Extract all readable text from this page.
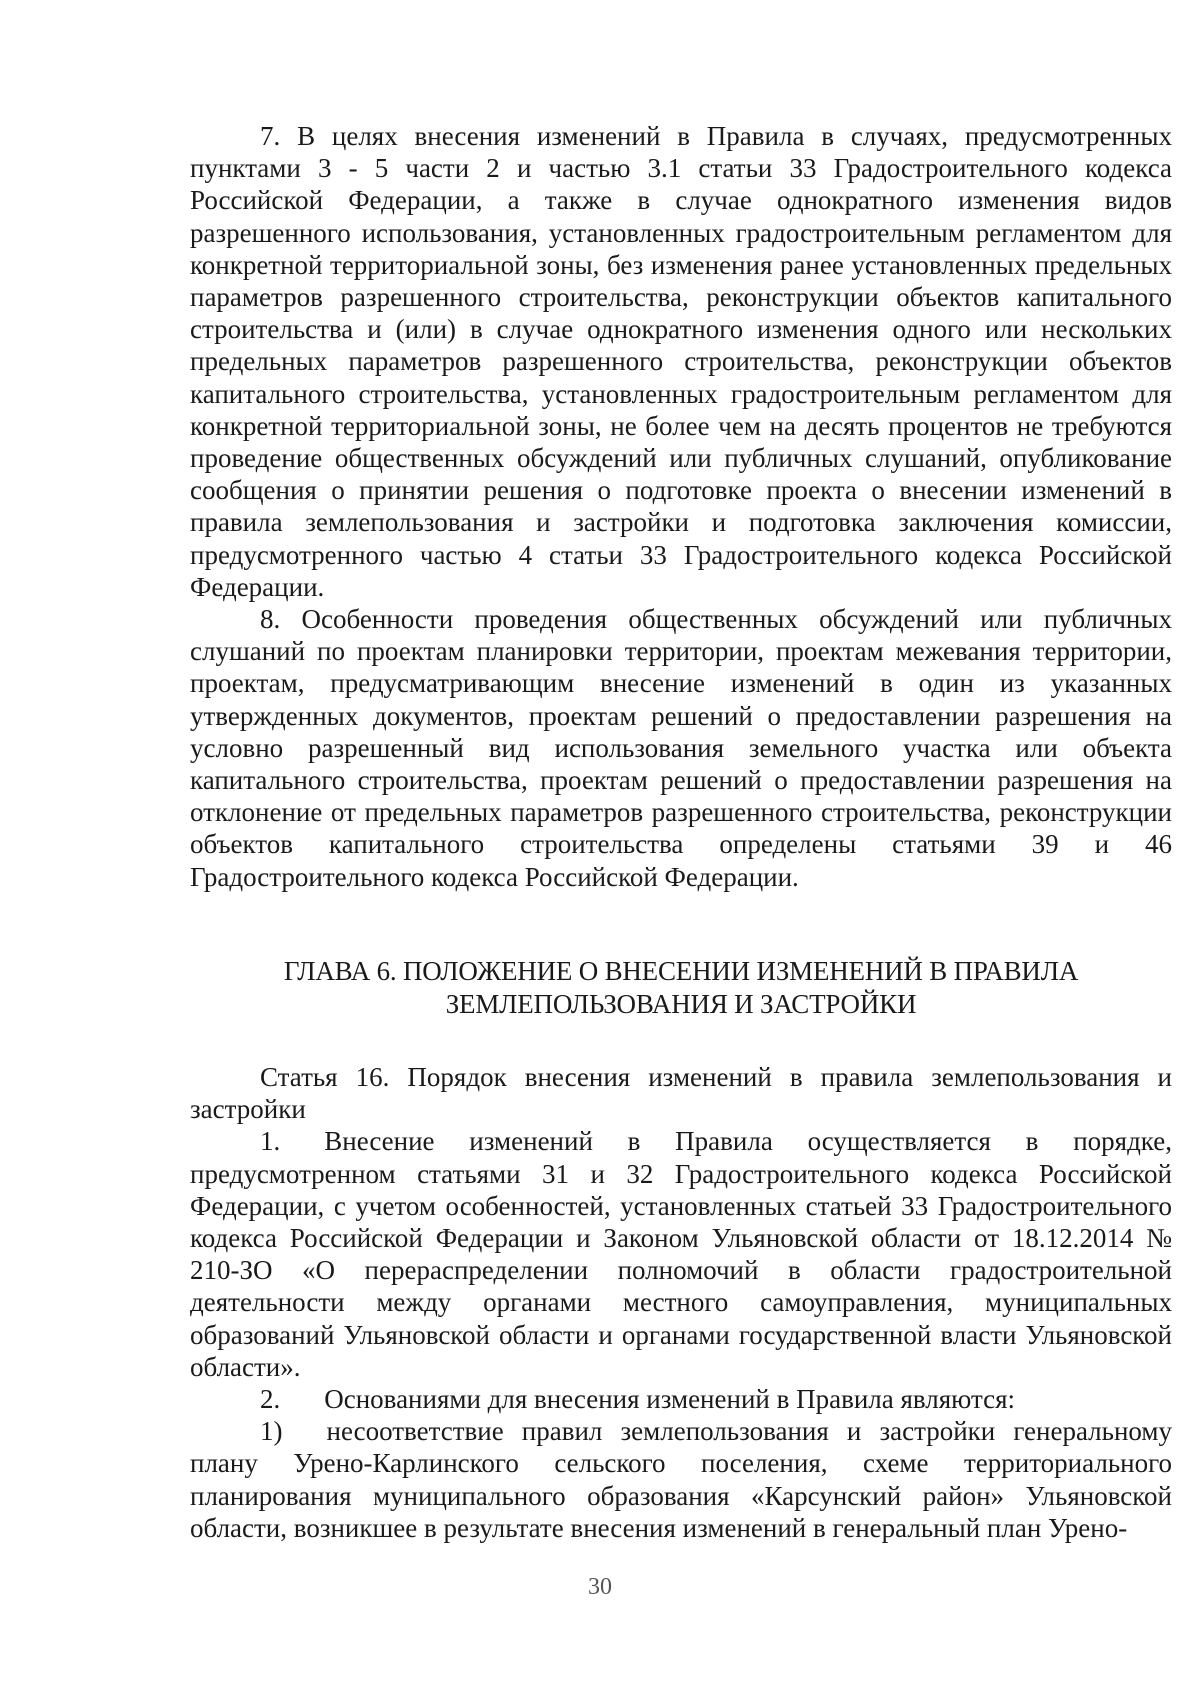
7. В целях внесения изменений в Правила в случаях, предусмотренных пунктами 3 - 5 части 2 и частью 3.1 статьи 33 Градостроительного кодекса Российской Федерации, а также в случае однократного изменения видов разрешенного использования, установленных градостроительным регламентом для конкретной территориальной зоны, без изменения ранее установленных предельных параметров разрешенного строительства, реконструкции объектов капитального строительства и (или) в случае однократного изменения одного или нескольких предельных параметров разрешенного строительства, реконструкции объектов капитального строительства, установленных градостроительным регламентом для конкретной территориальной зоны, не более чем на десять процентов не требуются проведение общественных обсуждений или публичных слушаний, опубликование сообщения о принятии решения о подготовке проекта о внесении изменений в правила землепользования и застройки и подготовка заключения комиссии, предусмотренного частью 4 статьи 33 Градостроительного кодекса Российской Федерации.

8. Особенности проведения общественных обсуждений или публичных слушаний по проектам планировки территории, проектам межевания территории, проектам, предусматривающим внесение изменений в один из указанных утвержденных документов, проектам решений о предоставлении разрешения на условно разрешенный вид использования земельного участка или объекта капитального строительства, проектам решений о предоставлении разрешения на отклонение от предельных параметров разрешенного строительства, реконструкции объектов капитального строительства определены статьями 39 и 46 Градостроительного кодекса Российской Федерации.

ГЛАВА 6. ПОЛОЖЕНИЕ О ВНЕСЕНИИ ИЗМЕНЕНИЙ В ПРАВИЛА
ЗЕМЛЕПОЛЬЗОВАНИЯ И ЗАСТРОЙКИ

Статья 16. Порядок внесения изменений в правила землепользования и застройки

1. Внесение изменений в Правила осуществляется в порядке, предусмотренном статьями 31 и 32 Градостроительного кодекса Российской Федерации, с учетом особенностей, установленных статьей 33 Градостроительного кодекса Российской Федерации и Законом Ульяновской области от 18.12.2014 № 210-ЗО «О перераспределении полномочий в области градостроительной деятельности между органами местного самоуправления, муниципальных образований Ульяновской области и органами государственной власти Ульяновской области».

2. Основаниями для внесения изменений в Правила являются:

1) несоответствие правил землепользования и застройки генеральному плану Урено-Карлинского сельского поселения, схеме территориального планирования муниципального образования «Карсунский район» Ульяновской области, возникшее в результате внесения изменений в генеральный план Урено-

30
